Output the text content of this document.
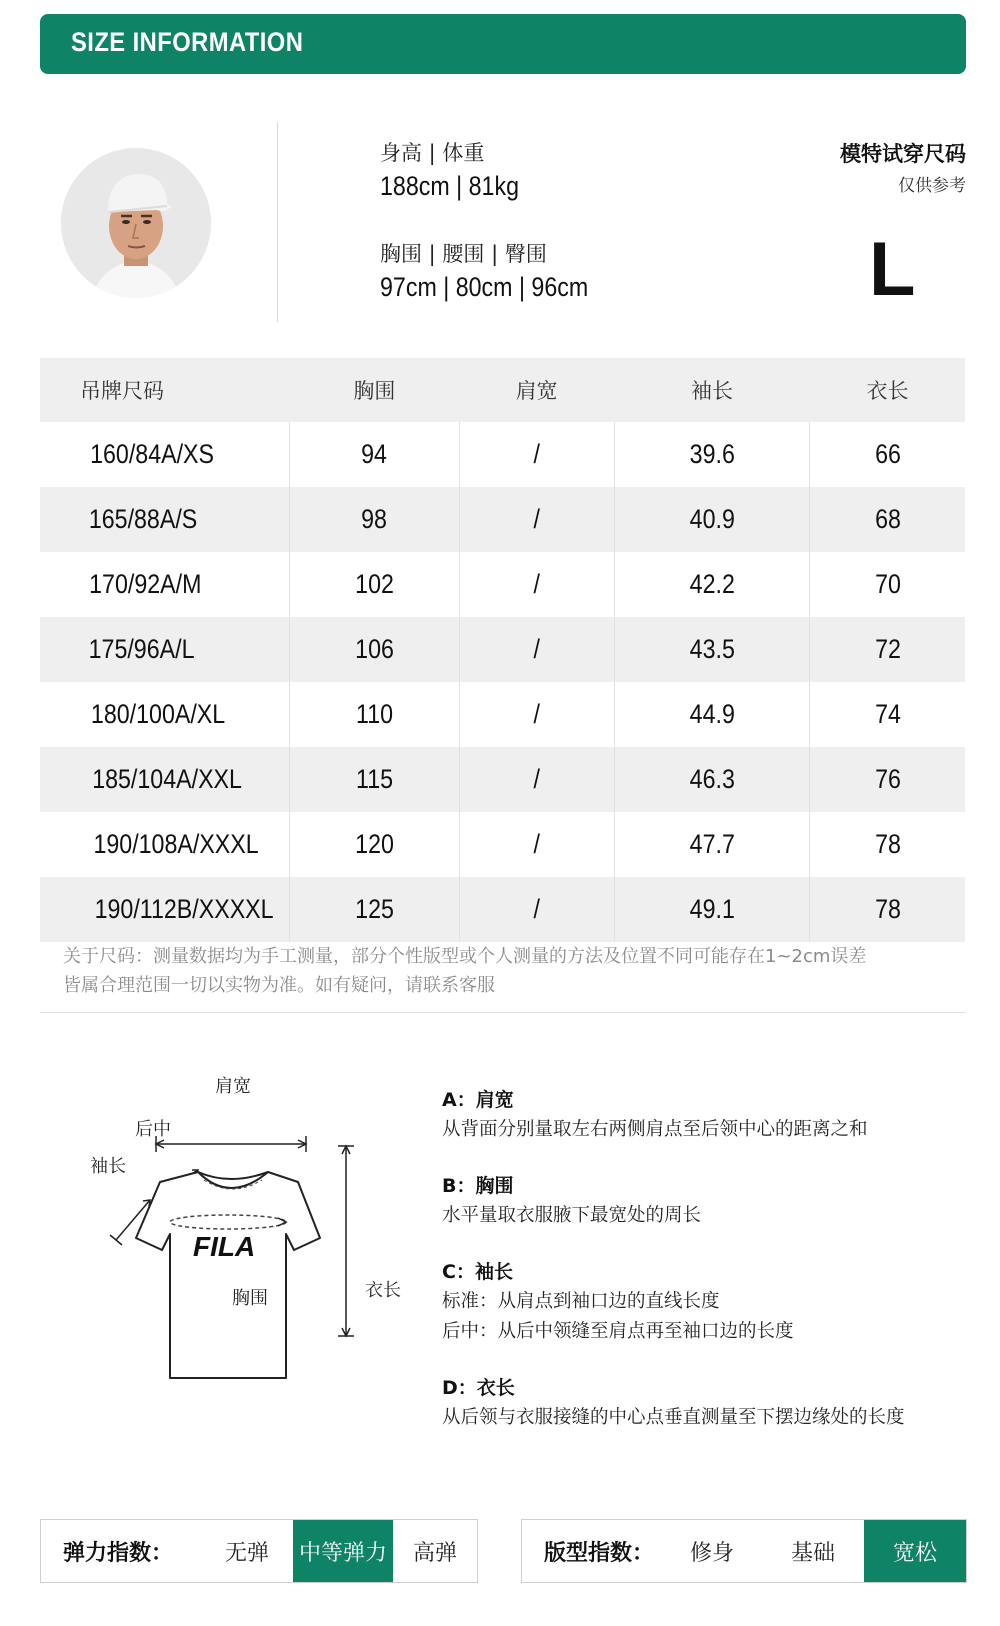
SIZE INFORMATION
身高 | 体重
188cm | 81kg
胸围 | 腰围 | 臀围
97cm | 80cm | 96cm
模特试穿尺码
仅供参考
L
吊牌尺码	胸围	肩宽	袖长	衣长
160/84A/XS	94	/	39.6	66
165/88A/S	98	/	40.9	68
170/92A/M	102	/	42.2	70
175/96A/L	106	/	43.5	72
180/100A/XL	110	/	44.9	74
185/104A/XXL	115	/	46.3	76
190/108A/XXXL	120	/	47.7	78
190/112B/XXXXL	125	/	49.1	78
关于尺码：测量数据均为手工测量，部分个性版型或个人测量的方法及位置不同可能存在1~2cm误差
皆属合理范围一切以实物为准。如有疑问，请联系客服
FILA
肩宽
后中
袖长
胸围	衣长
A：肩宽
从背面分别量取左右两侧肩点至后领中心的距离之和
B：胸围
水平量取衣服腋下最宽处的周长
C：袖长
标准：从肩点到袖口边的直线长度
后中：从后中领缝至肩点再至袖口边的长度
D：衣长
从后领与衣服接缝的中心点垂直测量至下摆边缘处的长度
弹力指数：	无弹	中等弹力	高弹	版型指数：	修身	基础	宽松
